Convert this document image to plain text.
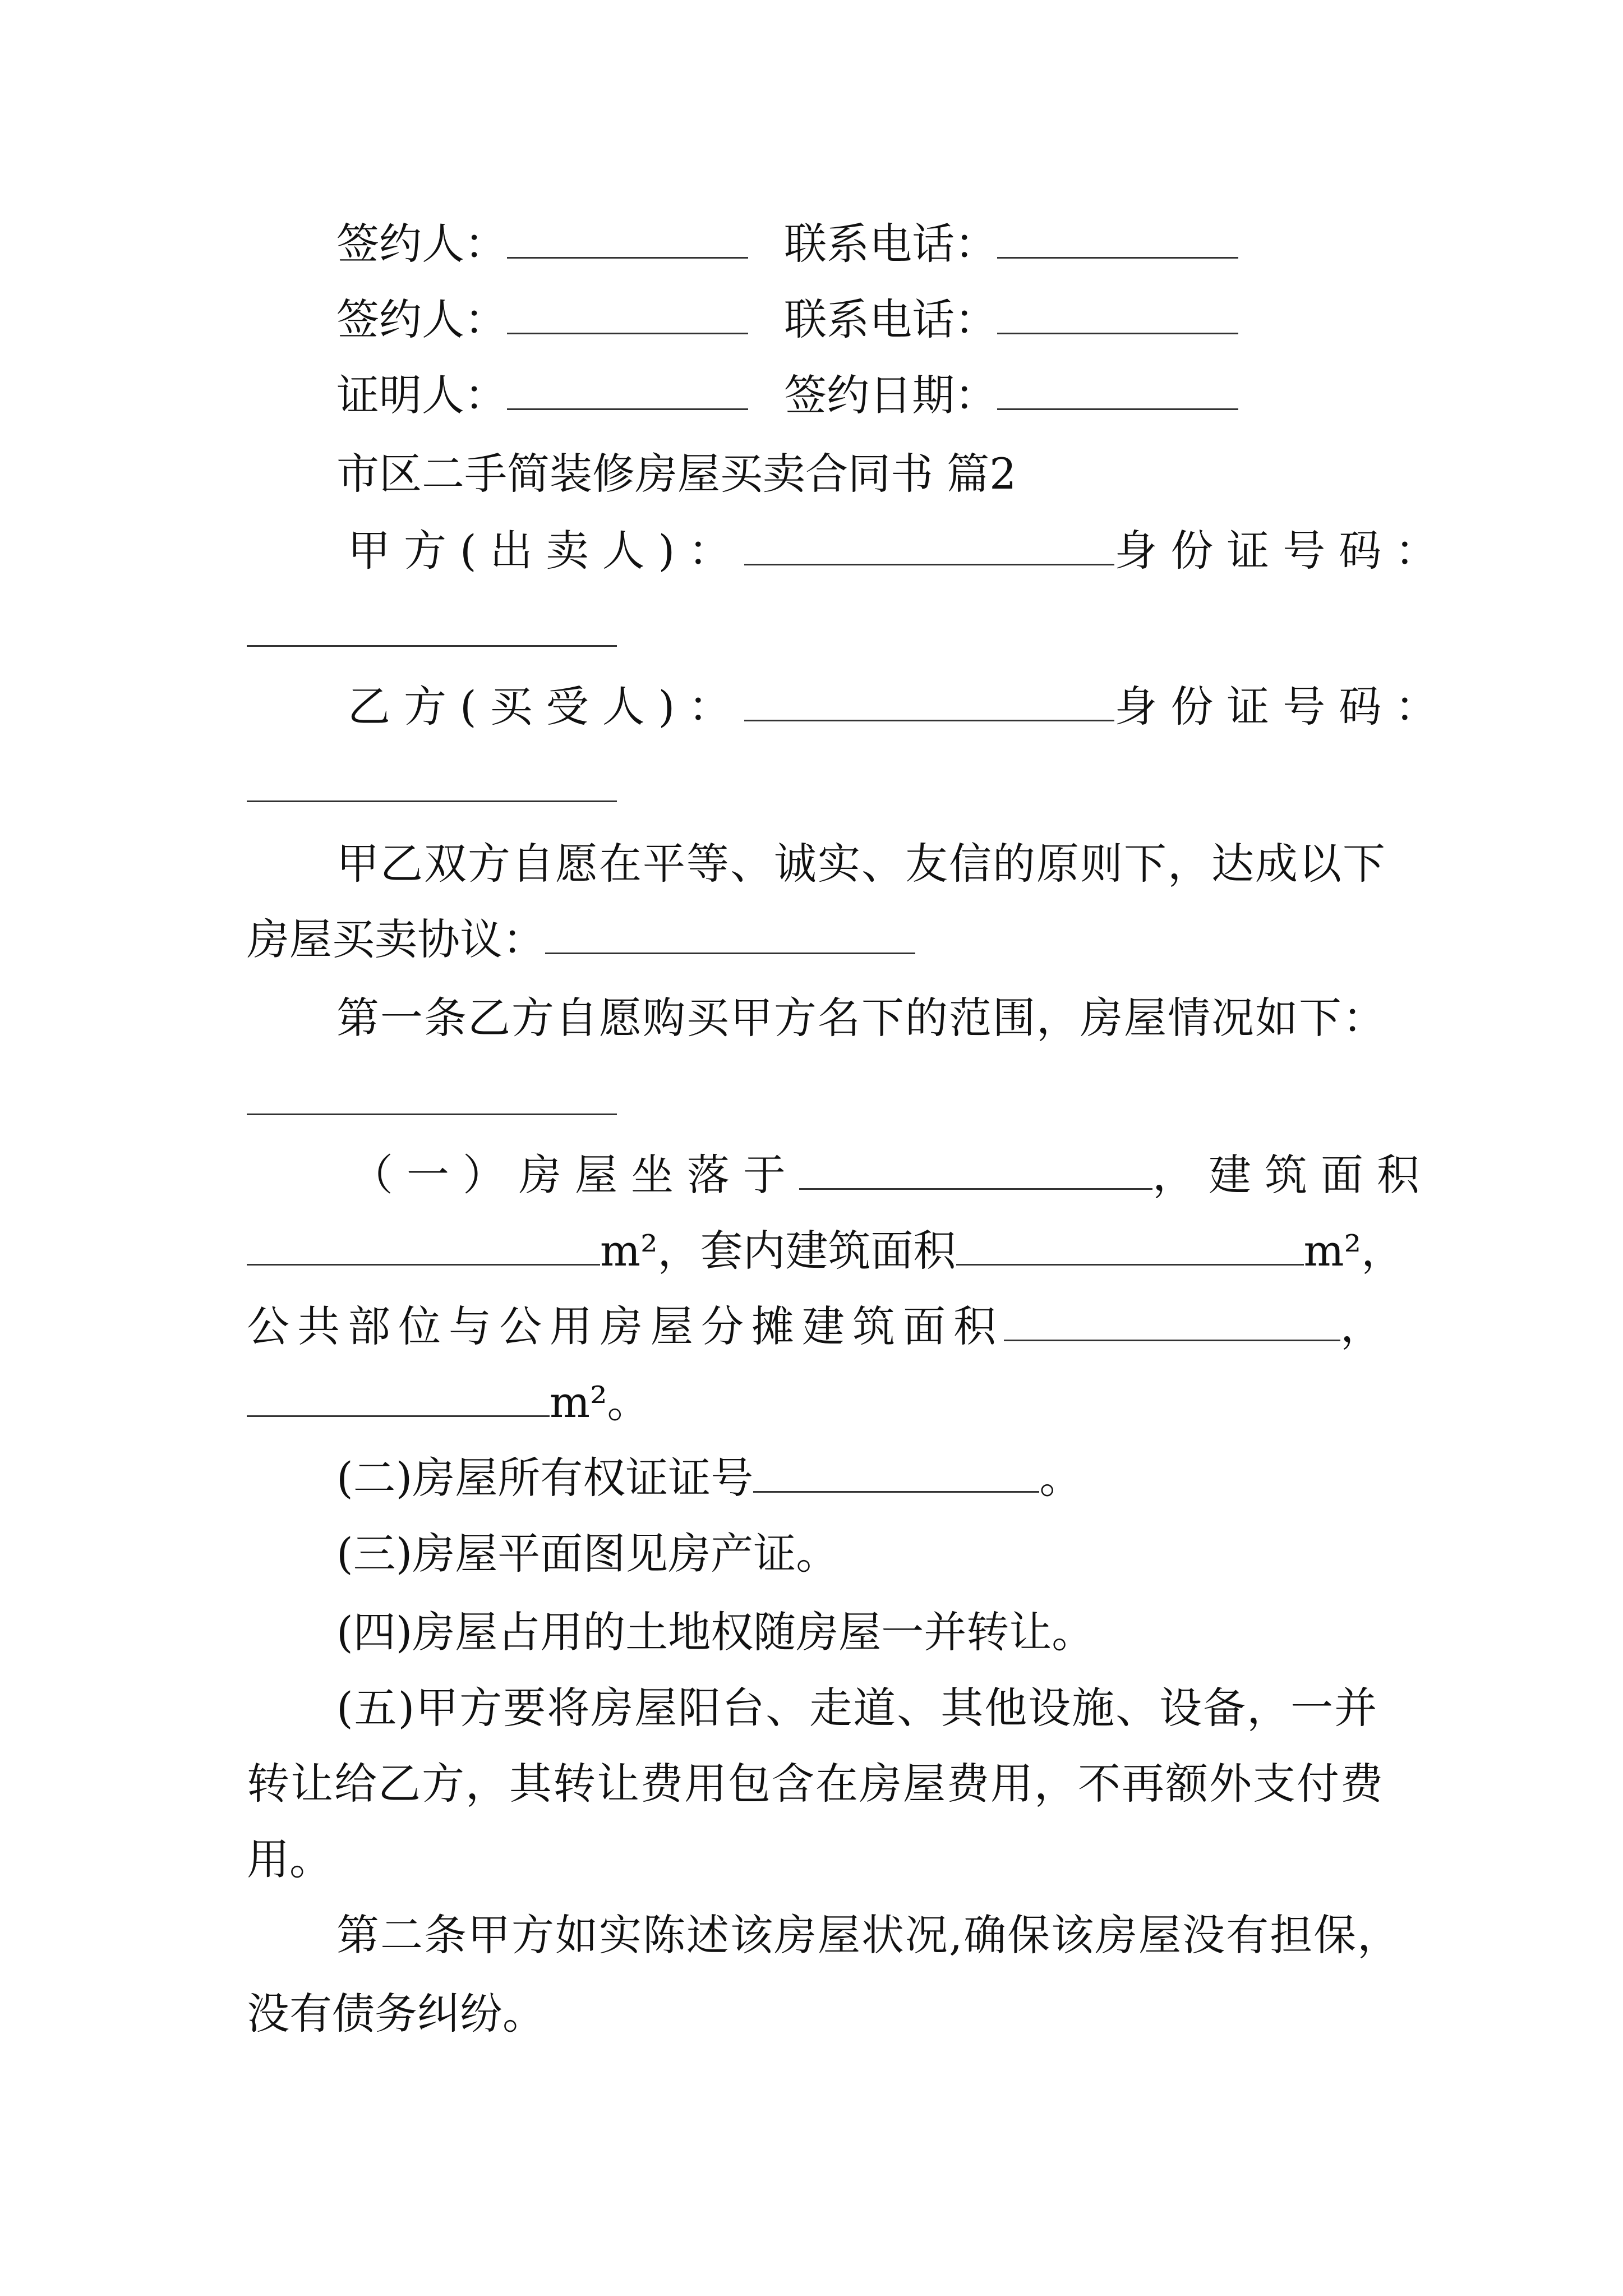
签约人：	联系电话：
签约人：	联系电话：
证明人：	签约日期：
市区二手简装修房屋买卖合同书 篇2
甲方(出卖人)：	身份证号码：
乙方(买受人)：	身份证号码：
甲乙双方自愿在平等、诚实、友信的原则下，达成以下
房屋买卖协议：
第一条乙方自愿购买甲方名下的范围，房屋情况如下：
（一）房屋坐落于	，建筑面积
m²，套内建筑面积	m²，
公共部位与公用房屋分摊建筑面积	，
m²。
(二)房屋所有权证证号	。
(三)房屋平面图见房产证。
(四)房屋占用的土地权随房屋一并转让。
(五)甲方要将房屋阳台、走道、其他设施、设备，一并
转让给乙方，其转让费用包含在房屋费用，不再额外支付费
用。
第二条甲方如实陈述该房屋状况,确保该房屋没有担保，
没有债务纠纷。
